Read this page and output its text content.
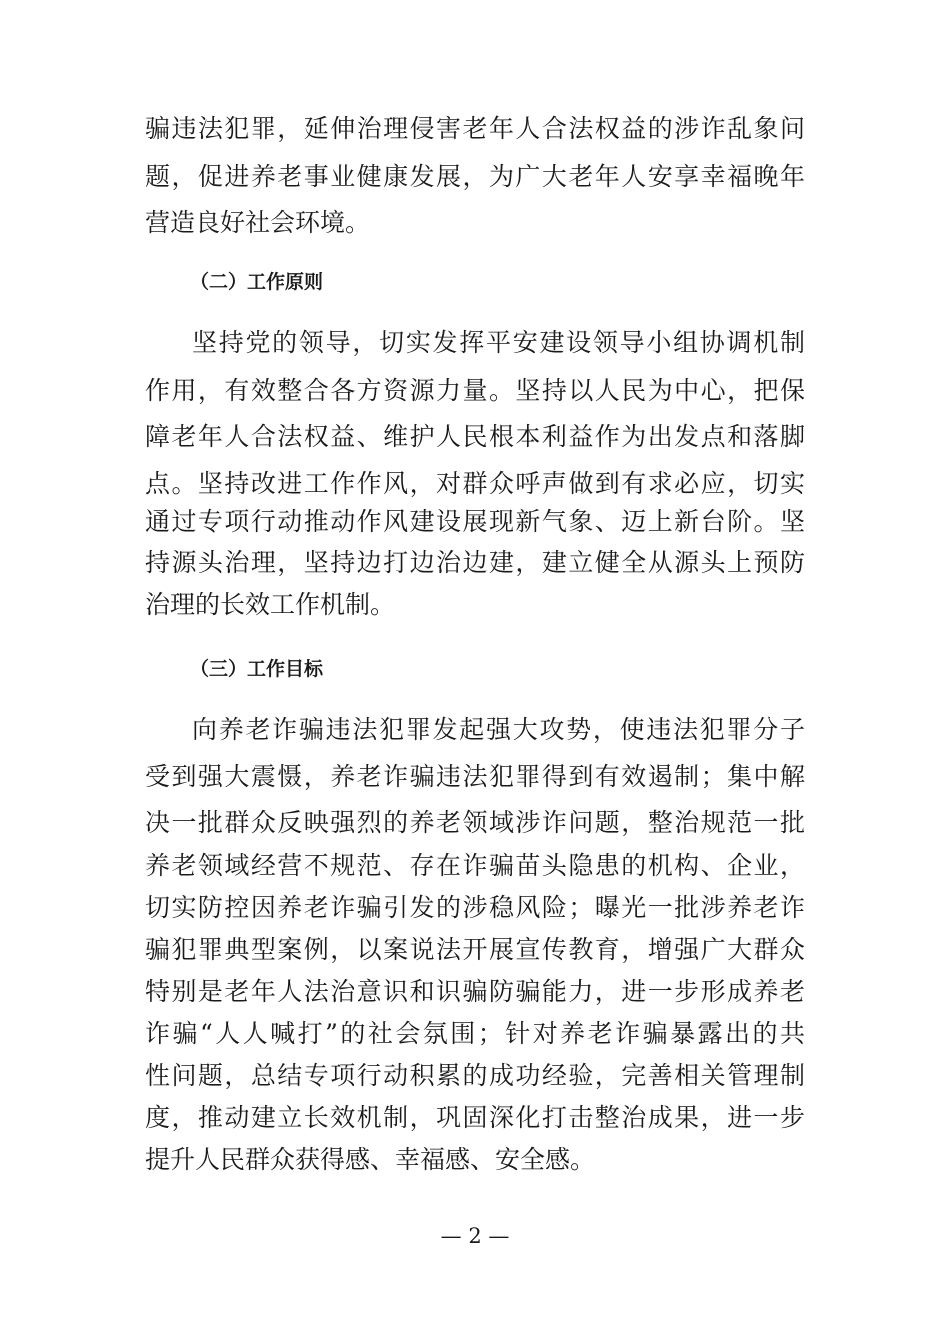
骗违法犯罪，延伸治理侵害老年人合法权益的涉诈乱象问
题，促进养老事业健康发展，为广大老年人安享幸福晚年
营造良好社会环境。
（二）工作原则
坚持党的领导，切实发挥平安建设领导小组协调机制
作用，有效整合各方资源力量。坚持以人民为中心，把保
障老年人合法权益、维护人民根本利益作为出发点和落脚
点。坚持改进工作作风，对群众呼声做到有求必应，切实
通过专项行动推动作风建设展现新气象、迈上新台阶。坚
持源头治理，坚持边打边治边建，建立健全从源头上预防
治理的长效工作机制。
（三）工作目标
向养老诈骗违法犯罪发起强大攻势，使违法犯罪分子
受到强大震慑，养老诈骗违法犯罪得到有效遏制；集中解
决一批群众反映强烈的养老领域涉诈问题，整治规范一批
养老领域经营不规范、存在诈骗苗头隐患的机构、企业，
切实防控因养老诈骗引发的涉稳风险；曝光一批涉养老诈
骗犯罪典型案例，以案说法开展宣传教育，增强广大群众
特别是老年人法治意识和识骗防骗能力，进一步形成养老
诈骗“人人喊打”的社会氛围；针对养老诈骗暴露出的共
性问题，总结专项行动积累的成功经验，完善相关管理制
度，推动建立长效机制，巩固深化打击整治成果，进一步
提升人民群众获得感、幸福感、安全感。
— 2 —
